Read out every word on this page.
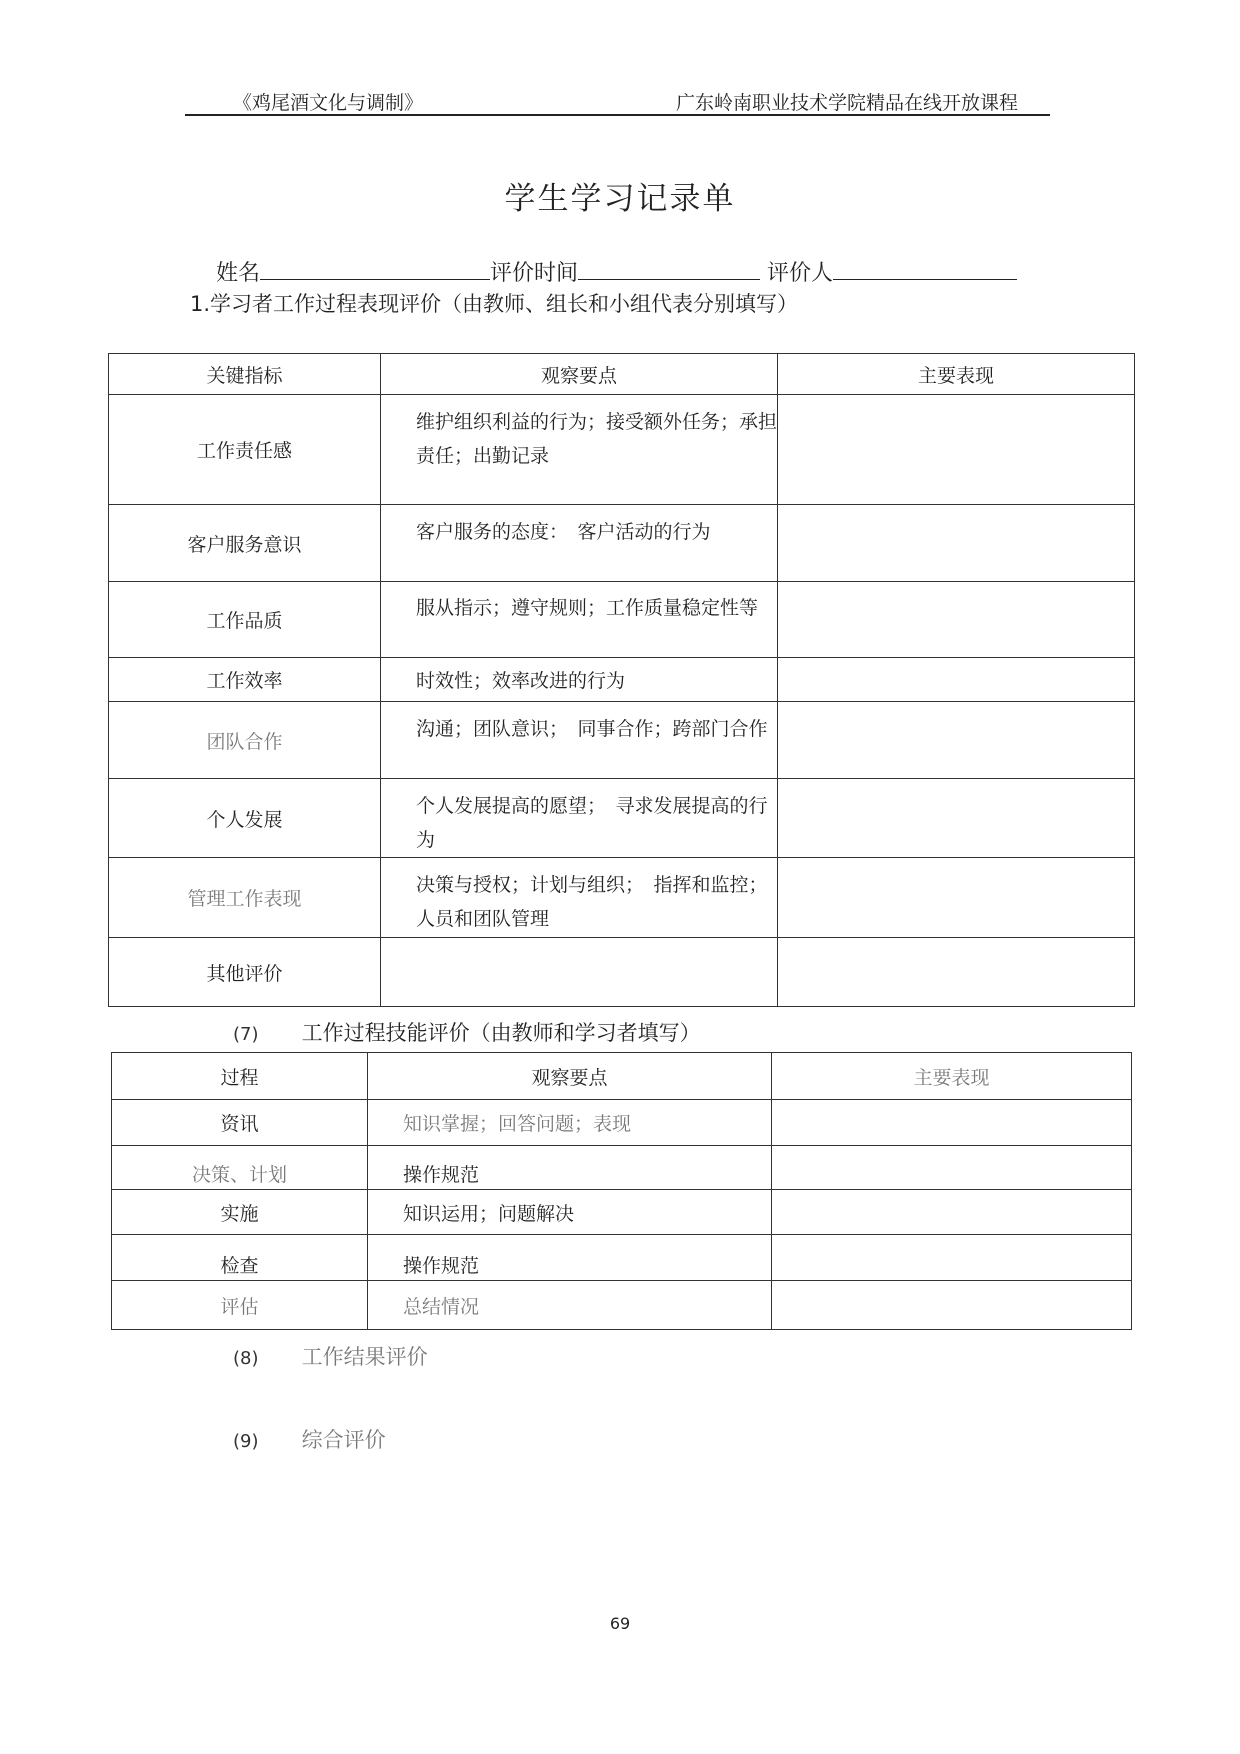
《鸡尾酒文化与调制》	广东岭南职业技术学院精品在线开放课程
学生学习记录单
姓名	评价时间	评价人
1.学习者工作过程表现评价（由教师、组长和小组代表分别填写）
关键指标	观察要点	主要表现
工作责任感	维护组织利益的行为；接受额外任务；承担责任；出勤记录	
客户服务意识	客户服务的态度：　客户活动的行为	
工作品质	服从指示；遵守规则；工作质量稳定性等	
工作效率	时效性；效率改进的行为	
团队合作	沟通；团队意识；　同事合作；跨部门合作	
个人发展	个人发展提高的愿望；　寻求发展提高的行为	
管理工作表现	决策与授权；计划与组织；　指挥和监控；人员和团队管理	
其他评价		
(7) 工作过程技能评价（由教师和学习者填写）
过程	观察要点	主要表现
资讯	知识掌握；回答问题；表现	
决策、计划	操作规范	
实施	知识运用；问题解决	
检查	操作规范	
评估	总结情况	
(8) 工作结果评价
(9) 综合评价
69
